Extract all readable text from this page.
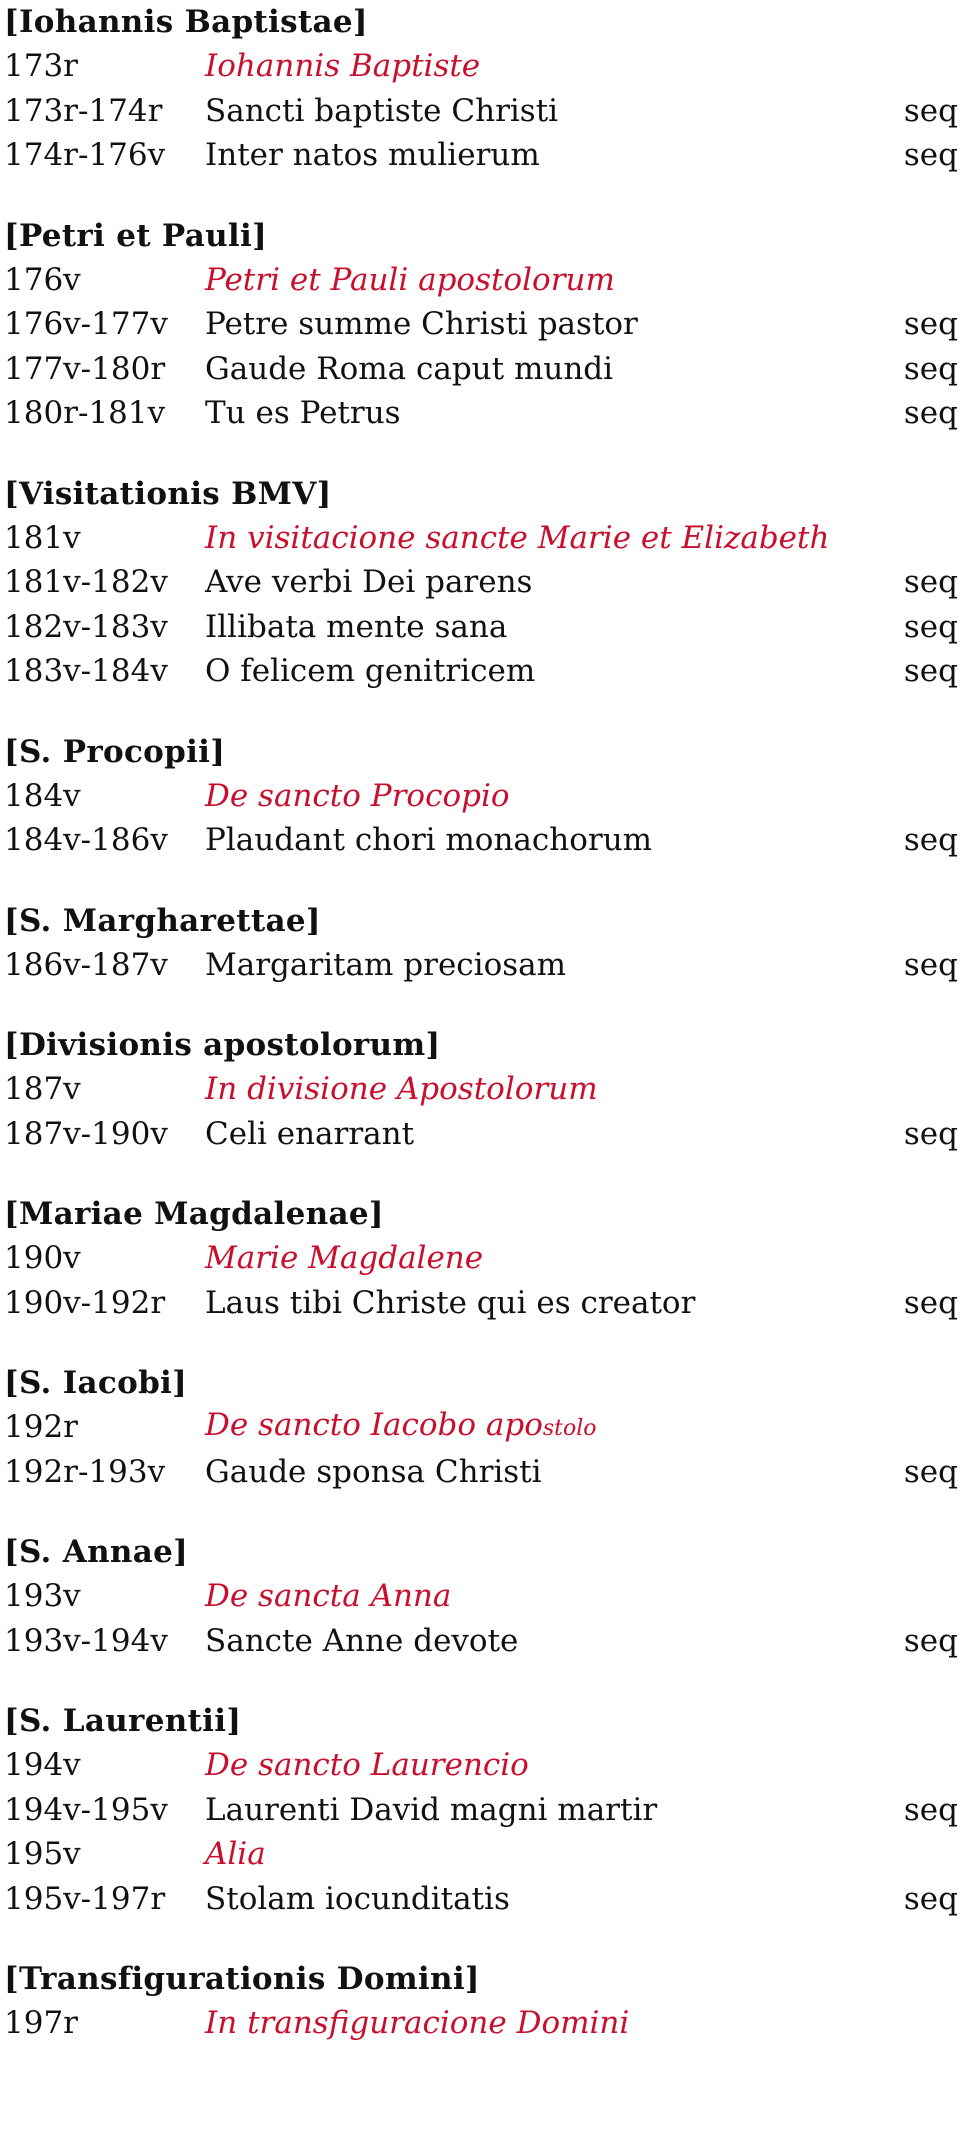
[Iohannis Baptistae]
173r	Iohannis Baptiste
173r-174r	Sancti baptiste Christi	seq
174r-176v	Inter natos mulierum	seq
[Petri et Pauli]
176v	Petri et Pauli apostolorum
176v-177v	Petre summe Christi pastor	seq
177v-180r	Gaude Roma caput mundi	seq
180r-181v	Tu es Petrus	seq
[Visitationis BMV]
181v	In visitacione sancte Marie et Elizabeth
181v-182v	Ave verbi Dei parens	seq
182v-183v	Illibata mente sana	seq
183v-184v	O felicem genitricem	seq
[S. Procopii]
184v	De sancto Procopio
184v-186v	Plaudant chori monachorum	seq
[S. Margharettae]
186v-187v	Margaritam preciosam	seq
[Divisionis apostolorum]
187v	In divisione Apostolorum
187v-190v	Celi enarrant	seq
[Mariae Magdalenae]
190v	Marie Magdalene
190v-192r	Laus tibi Christe qui es creator	seq
[S. Iacobi]
192r	De sancto Iacobo apostolo
192r-193v	Gaude sponsa Christi	seq
[S. Annae]
193v	De sancta Anna
193v-194v	Sancte Anne devote	seq
[S. Laurentii]
194v	De sancto Laurencio
194v-195v	Laurenti David magni martir	seq
195v	Alia
195v-197r	Stolam iocunditatis	seq
[Transfigurationis Domini]
197r	In transfiguracione Domini
